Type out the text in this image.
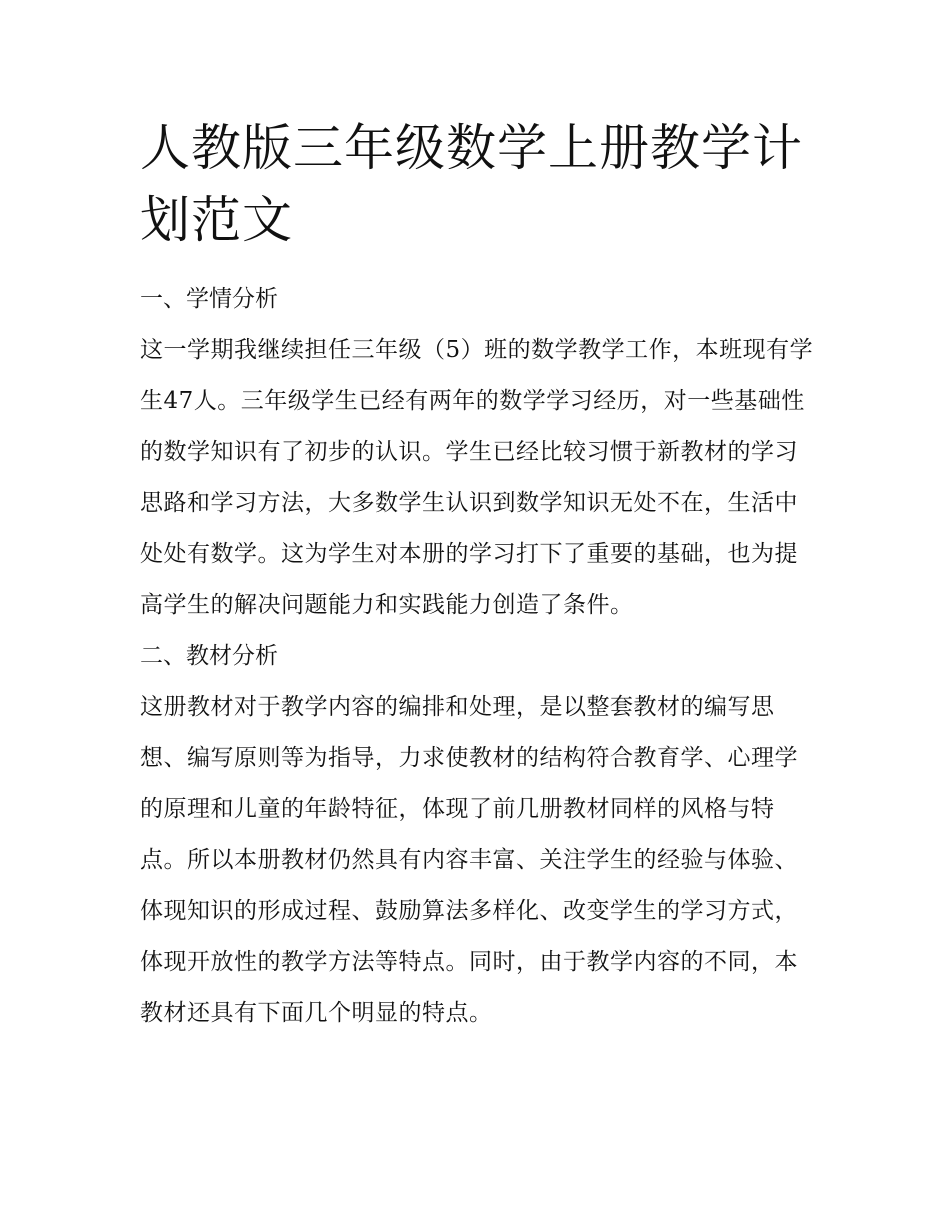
人教版三年级数学上册教学计划范文
一、学情分析

这一学期我继续担任三年级（5）班的数学教学工作，本班现有学生47人。三年级学生已经有两年的数学学习经历，对一些基础性的数学知识有了初步的认识。学生已经比较习惯于新教材的学习思路和学习方法，大多数学生认识到数学知识无处不在，生活中处处有数学。这为学生对本册的学习打下了重要的基础，也为提高学生的解决问题能力和实践能力创造了条件。

二、教材分析

这册教材对于教学内容的编排和处理，是以整套教材的编写思想、编写原则等为指导，力求使教材的结构符合教育学、心理学的原理和儿童的年龄特征，体现了前几册教材同样的风格与特点。所以本册教材仍然具有内容丰富、关注学生的经验与体验、体现知识的形成过程、鼓励算法多样化、改变学生的学习方式，体现开放性的教学方法等特点。同时，由于教学内容的不同，本教材还具有下面几个明显的特点。
